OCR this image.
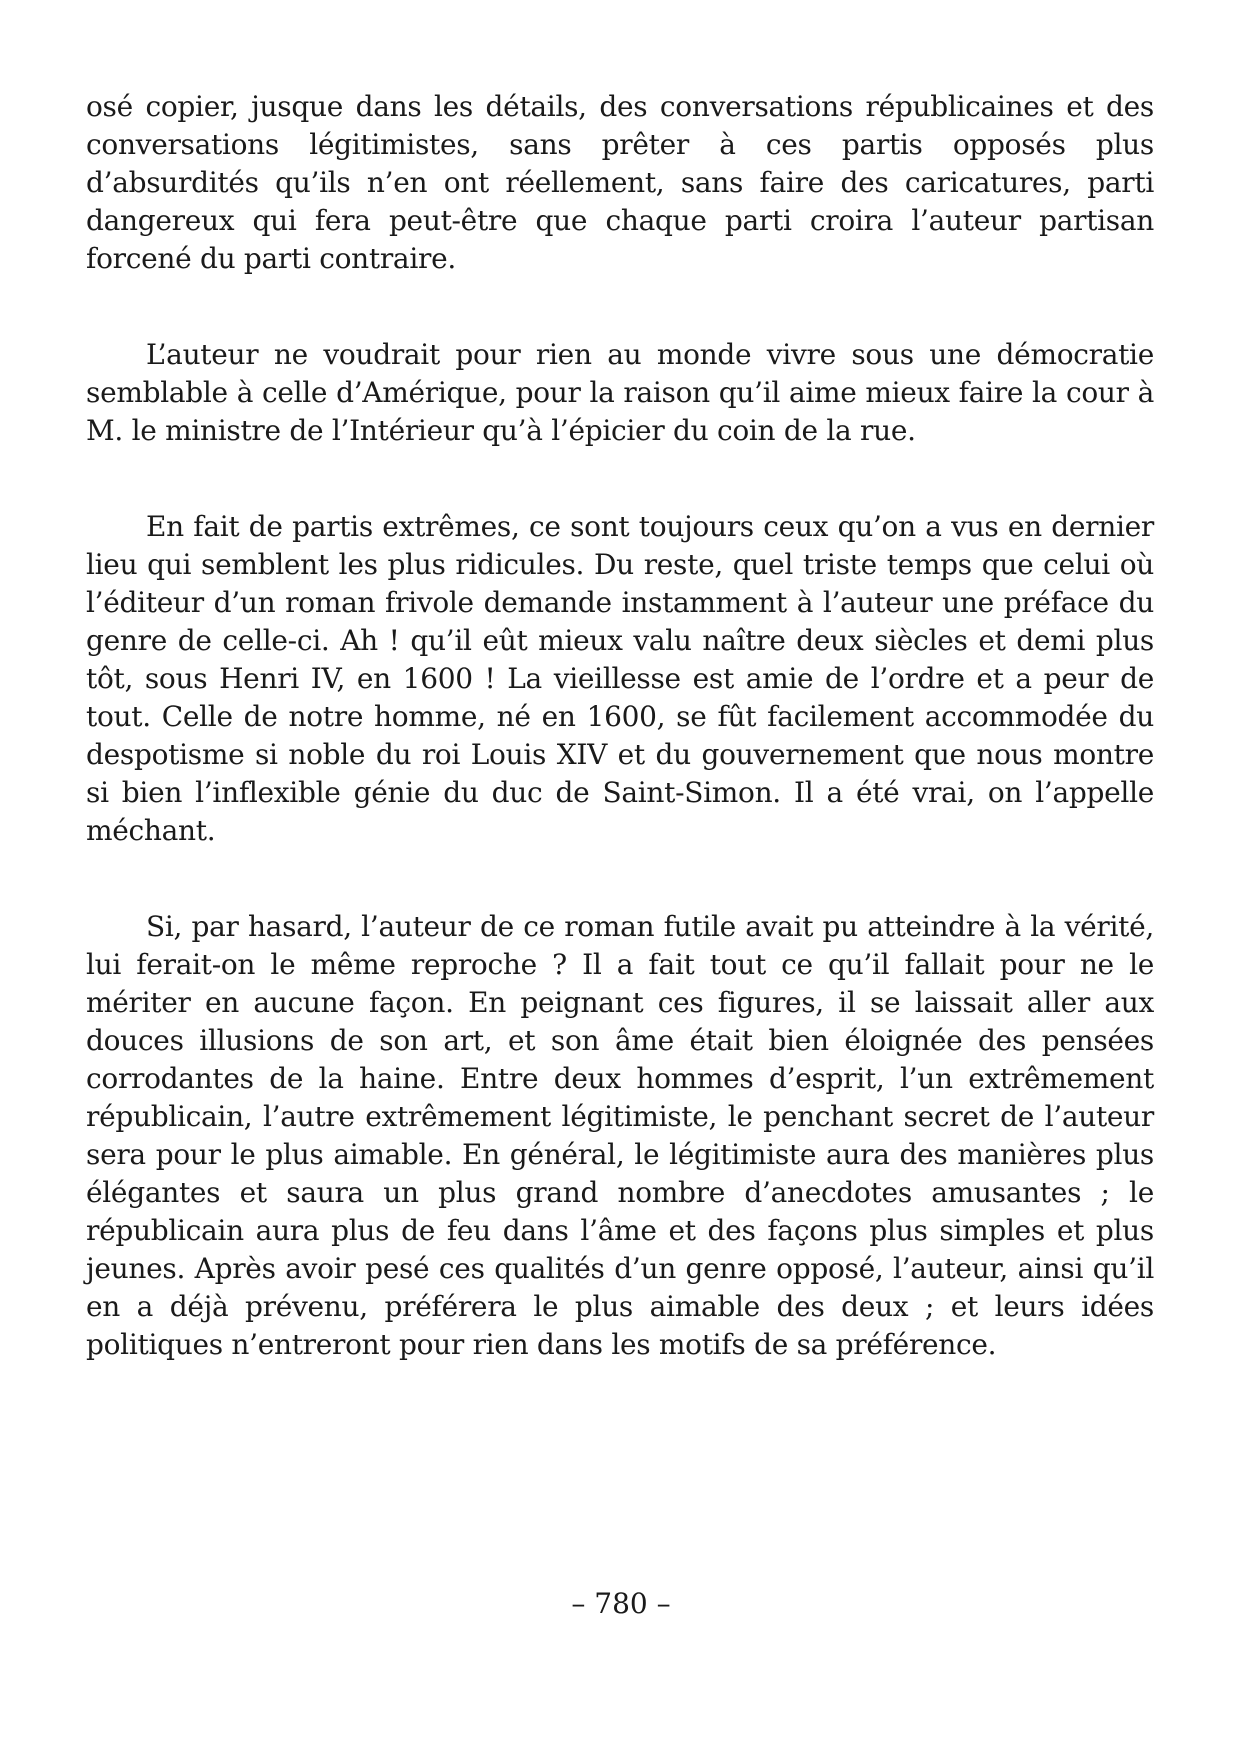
osé copier, jusque dans les détails, des conversations républicaines et des conversations légitimistes, sans prêter à ces partis opposés plus d’absurdités qu’ils n’en ont réellement, sans faire des caricatures, parti dangereux qui fera peut-être que chaque parti croira l’auteur partisan forcené du parti contraire.

L’auteur ne voudrait pour rien au monde vivre sous une démocratie semblable à celle d’Amérique, pour la raison qu’il aime mieux faire la cour à M. le ministre de l’Intérieur qu’à l’épicier du coin de la rue.

En fait de partis extrêmes, ce sont toujours ceux qu’on a vus en dernier lieu qui semblent les plus ridicules. Du reste, quel triste temps que celui où l’éditeur d’un roman frivole demande instamment à l’auteur une préface du genre de celle-ci. Ah ! qu’il eût mieux valu naître deux siècles et demi plus tôt, sous Henri IV, en 1600 ! La vieillesse est amie de l’ordre et a peur de tout. Celle de notre homme, né en 1600, se fût facilement accommodée du despotisme si noble du roi Louis XIV et du gouvernement que nous montre si bien l’inflexible génie du duc de Saint-Simon. Il a été vrai, on l’appelle méchant.

Si, par hasard, l’auteur de ce roman futile avait pu atteindre à la vérité, lui ferait-on le même reproche ? Il a fait tout ce qu’il fallait pour ne le mériter en aucune façon. En peignant ces figures, il se laissait aller aux douces illusions de son art, et son âme était bien éloignée des pensées corrodantes de la haine. Entre deux hommes d’esprit, l’un extrêmement républicain, l’autre extrêmement légitimiste, le penchant secret de l’auteur sera pour le plus aimable. En général, le légitimiste aura des manières plus élégantes et saura un plus grand nombre d’anecdotes amusantes ; le républicain aura plus de feu dans l’âme et des façons plus simples et plus jeunes. Après avoir pesé ces qualités d’un genre opposé, l’auteur, ainsi qu’il en a déjà prévenu, préférera le plus aimable des deux ; et leurs idées politiques n’entreront pour rien dans les motifs de sa préférence.

– 780 –
